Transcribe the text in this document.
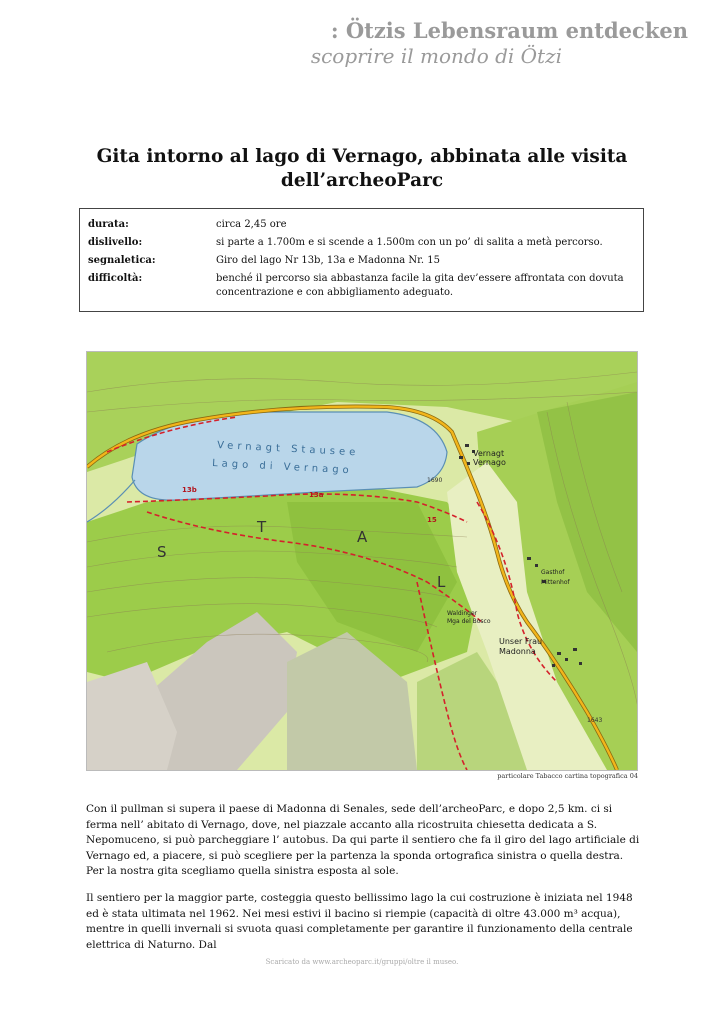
: Ötzis Lebensraum entdecken
scoprire il mondo di Ötzi
Gita intorno al lago di Vernago, abbinata alle visita
dell’archeoParc
durata:	circa 2,45 ore
dislivello:	si parte a 1.700m e si scende a 1.500m con un po’ di salita a metà percorso.
segnaletica:	Giro del lago Nr 13b, 13a e Madonna Nr. 15
difficoltà:	benché il percorso sia abbastanza facile la gita dev’essere affrontata con dovuta concentrazione e con abbigliamento adeguato.
Vernagt Stausee
Lago di Vernago
S
T
A
L
Vernagt
Vernago
Unser Frau
Madonna
Waldinger
Mga del Bosco
Gasthof
Mittenhof
13a
13b
15
1690
1643
particolare Tabacco cartina topografica 04
Con il pullman si supera il paese di Madonna di Senales, sede dell’archeoParc, e dopo 2,5 km. ci si ferma nell’ abitato di Vernago, dove, nel piazzale accanto alla ricostruita chiesetta dedicata a S. Nepomuceno, si può parcheggiare l’ autobus. Da qui parte il sentiero che fa il giro del lago artificiale di Vernago ed, a piacere, si può scegliere per la partenza la sponda ortografica sinistra o quella destra. Per la nostra gita scegliamo quella sinistra esposta al sole.
Il sentiero per la maggior parte, costeggia questo bellissimo lago la cui costruzione è iniziata nel 1948 ed è stata ultimata nel 1962. Nei mesi estivi il bacino si riempie (capacità di oltre 43.000 m³ acqua), mentre in quelli invernali si svuota quasi completamente per garantire il funzionamento della centrale elettrica di Naturno. Dal
Scaricato da www.archeoparc.it/gruppi/oltre il museo.
